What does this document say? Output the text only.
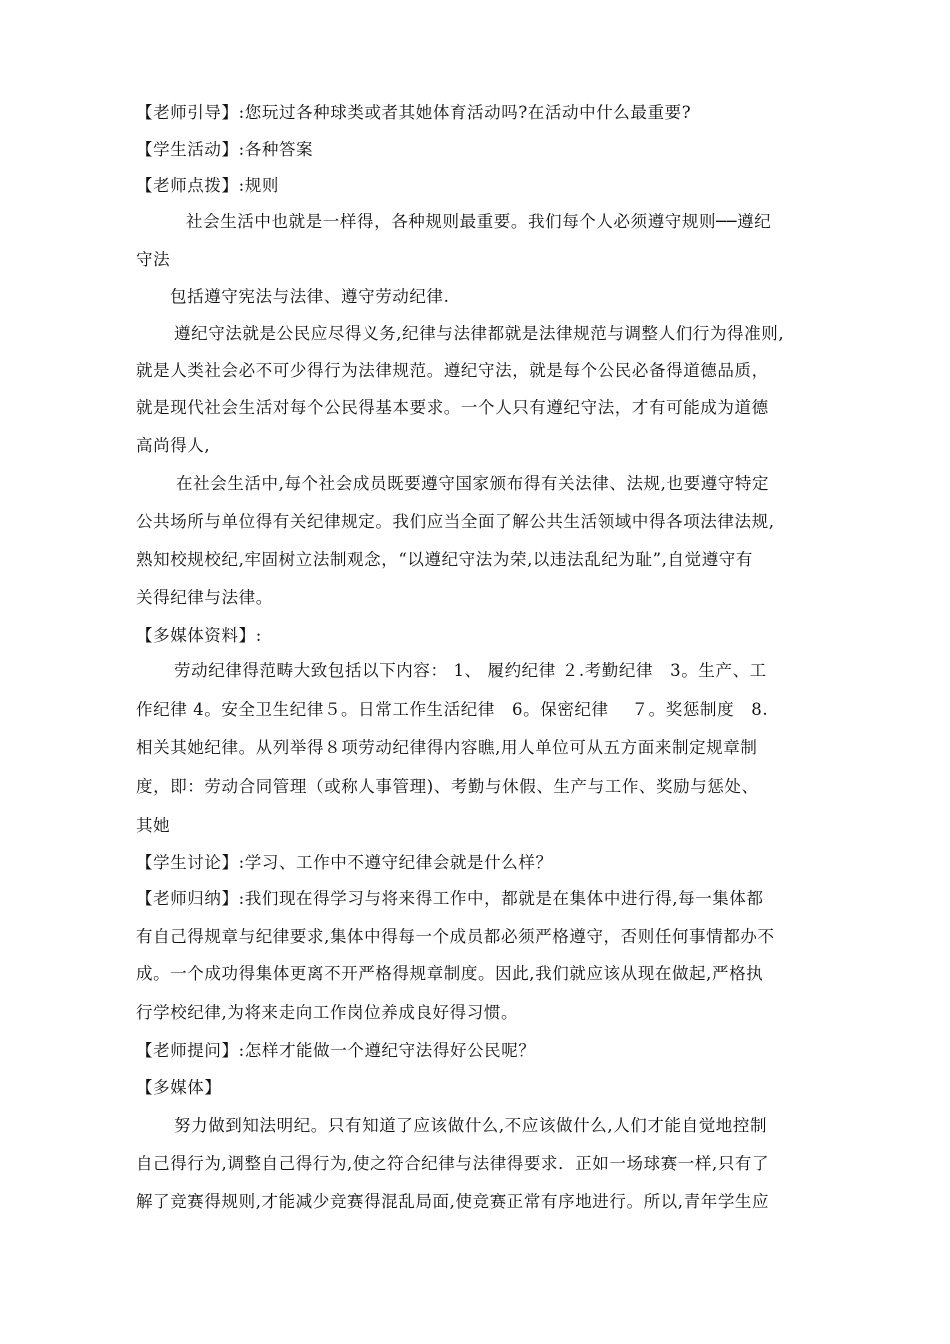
【老师引导】:您玩过各种球类或者其她体育活动吗?在活动中什么最重要?
【学生活动】:各种答案
【老师点拨】:规则
社会生活中也就是一样得，各种规则最重要。我们每个人必须遵守规则──遵纪
守法
包括遵守宪法与法律、遵守劳动纪律.
遵纪守法就是公民应尽得义务,纪律与法律都就是法律规范与调整人们行为得准则,
就是人类社会必不可少得行为法律规范。遵纪守法，就是每个公民必备得道德品质，
就是现代社会生活对每个公民得基本要求。一个人只有遵纪守法，才有可能成为道德
高尚得人,
在社会生活中,每个社会成员既要遵守国家颁布得有关法律、法规,也要遵守特定
公共场所与单位得有关纪律规定。我们应当全面了解公共生活领域中得各项法律法规,
熟知校规校纪,牢固树立法制观念，“以遵纪守法为荣,以违法乱纪为耻”,自觉遵守有
关得纪律与法律。
【多媒体资料】:
劳动纪律得范畴大致包括以下内容： 1、 履约纪律 ２.考勤纪律　3。生产、工
作纪律 4。安全卫生纪律５。日常工作生活纪律　6。保密纪律　 ７。奖惩制度　8.
相关其她纪律。从列举得８项劳动纪律得内容瞧,用人单位可从五方面来制定规章制
度，即：劳动合同管理（或称人事管理)、考勤与休假、生产与工作、奖励与惩处、
其她
【学生讨论】:学习、工作中不遵守纪律会就是什么样？
【老师归纳】:我们现在得学习与将来得工作中，都就是在集体中进行得,每一集体都
有自己得规章与纪律要求,集体中得每一个成员都必须严格遵守，否则任何事情都办不
成。一个成功得集体更离不开严格得规章制度。因此,我们就应该从现在做起,严格执
行学校纪律,为将来走向工作岗位养成良好得习惯。
【老师提问】:怎样才能做一个遵纪守法得好公民呢？
【多媒体】
努力做到知法明纪。只有知道了应该做什么,不应该做什么,人们才能自觉地控制
自己得行为,调整自己得行为,使之符合纪律与法律得要求．正如一场球赛一样,只有了
解了竞赛得规则,才能减少竞赛得混乱局面,使竞赛正常有序地进行。所以,青年学生应
